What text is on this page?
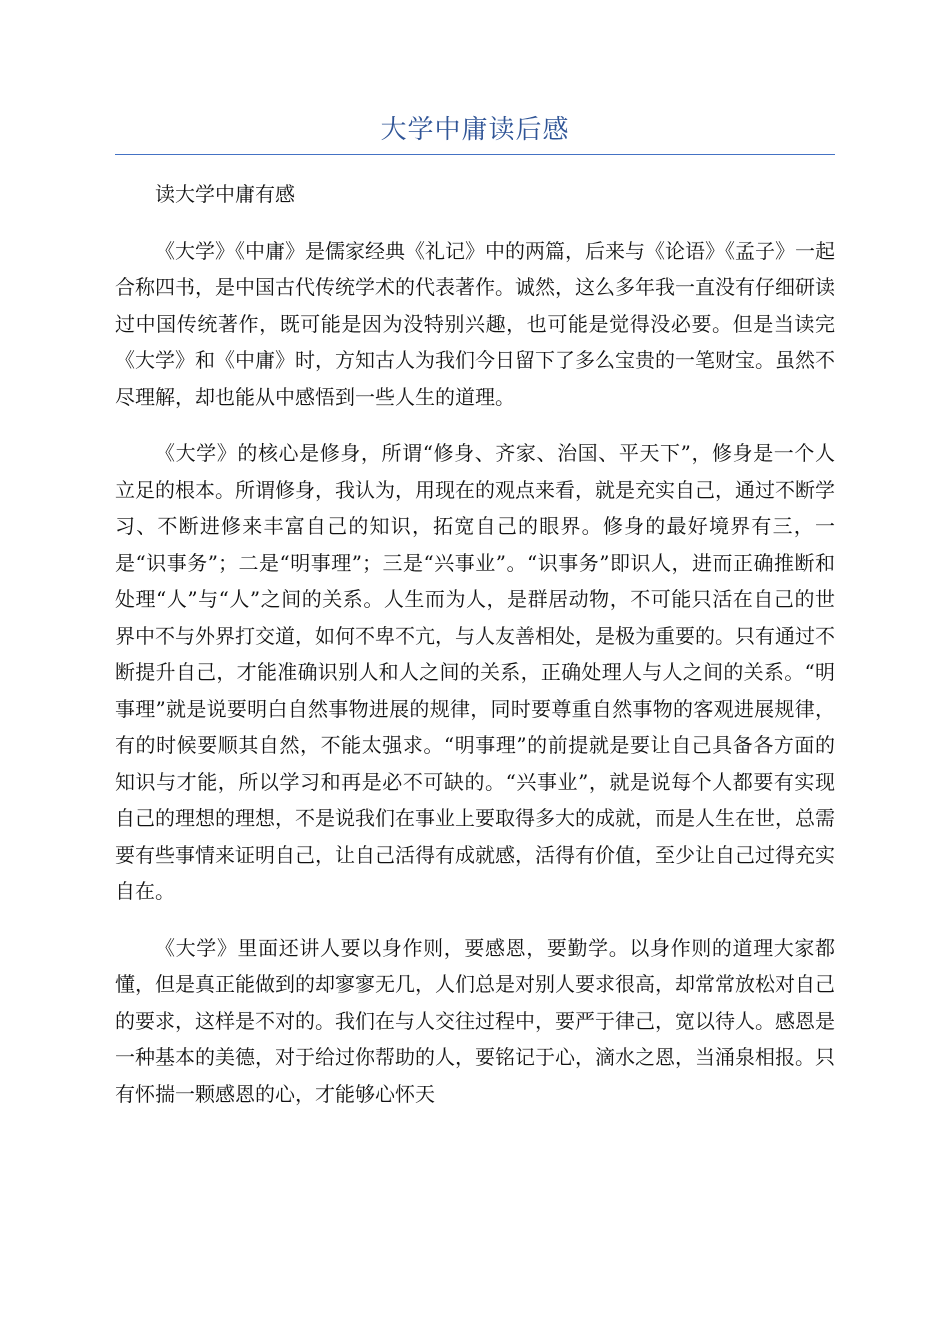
大学中庸读后感

读大学中庸有感

《大学》《中庸》是儒家经典《礼记》中的两篇，后来与《论语》《孟子》一起合称四书，是中国古代传统学术的代表著作。诚然，这么多年我一直没有仔细研读过中国传统著作，既可能是因为没特别兴趣，也可能是觉得没必要。但是当读完《大学》和《中庸》时，方知古人为我们今日留下了多么宝贵的一笔财宝。虽然不尽理解，却也能从中感悟到一些人生的道理。

《大学》的核心是修身，所谓“修身、齐家、治国、平天下”，修身是一个人立足的根本。所谓修身，我认为，用现在的观点来看，就是充实自己，通过不断学习、不断进修来丰富自己的知识，拓宽自己的眼界。修身的最好境界有三，一是“识事务”；二是“明事理”；三是“兴事业”。“识事务”即识人，进而正确推断和处理“人”与“人”之间的关系。人生而为人，是群居动物，不可能只活在自己的世界中不与外界打交道，如何不卑不亢，与人友善相处，是极为重要的。只有通过不断提升自己，才能准确识别人和人之间的关系，正确处理人与人之间的关系。“明事理”就是说要明白自然事物进展的规律，同时要尊重自然事物的客观进展规律，有的时候要顺其自然，不能太强求。“明事理”的前提就是要让自己具备各方面的知识与才能，所以学习和再是必不可缺的。“兴事业”，就是说每个人都要有实现自己的理想的理想，不是说我们在事业上要取得多大的成就，而是人生在世，总需要有些事情来证明自己，让自己活得有成就感，活得有价值，至少让自己过得充实自在。

《大学》里面还讲人要以身作则，要感恩，要勤学。以身作则的道理大家都懂，但是真正能做到的却寥寥无几，人们总是对别人要求很高，却常常放松对自己的要求，这样是不对的。我们在与人交往过程中，要严于律己，宽以待人。感恩是一种基本的美德，对于给过你帮助的人，要铭记于心，滴水之恩，当涌泉相报。只有怀揣一颗感恩的心，才能够心怀天
